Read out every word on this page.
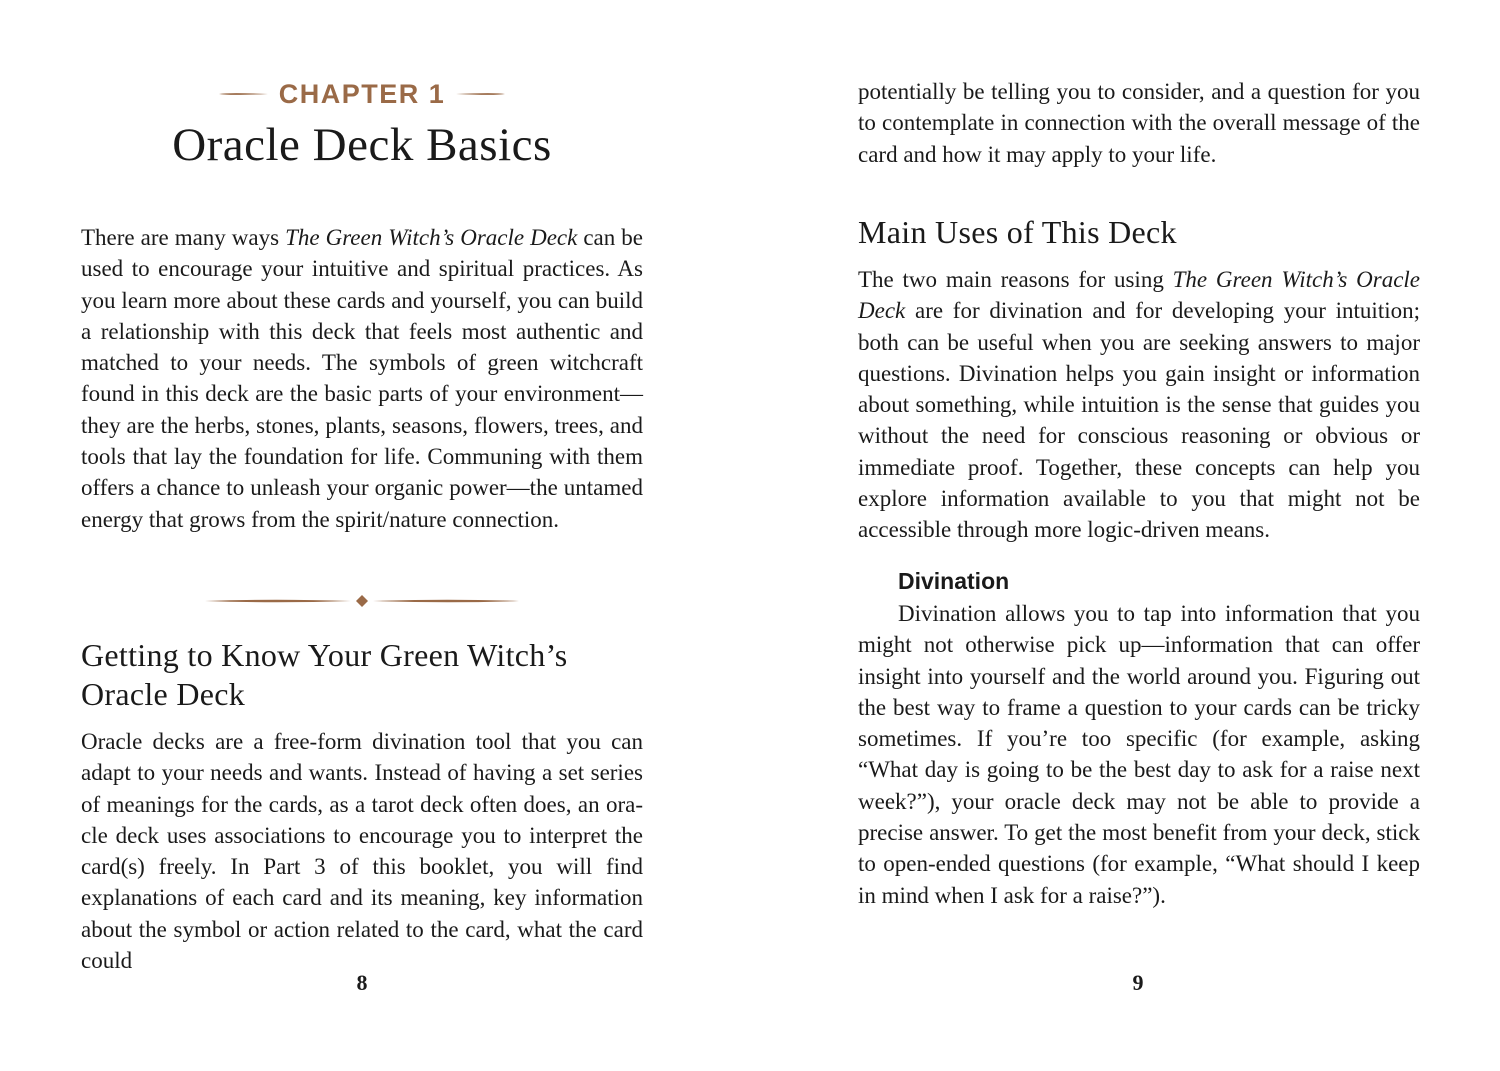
CHAPTER 1
Oracle Deck Basics

There are many ways The Green Witch’s Oracle Deck can be used to encourage your intuitive and spiritual practices. As you learn more about these cards and yourself, you can build a relationship with this deck that feels most authentic and matched to your needs. The symbols of green witchcraft found in this deck are the basic parts of your environment—they are the herbs, stones, plants, seasons, flowers, trees, and tools that lay the foundation for life. Communing with them offers a chance to unleash your organic power—the untamed energy that grows from the spirit/nature connection.

Getting to Know Your Green Witch’s Oracle Deck

Oracle decks are a free-form divination tool that you can adapt to your needs and wants. Instead of having a set series of meanings for the cards, as a tarot deck often does, an oracle deck uses associations to encourage you to interpret the card(s) freely. In Part 3 of this booklet, you will find explanations of each card and its meaning, key information about the symbol or action related to the card, what the card could

8

potentially be telling you to consider, and a question for you to contemplate in connection with the overall message of the card and how it may apply to your life.

Main Uses of This Deck

The two main reasons for using The Green Witch’s Oracle Deck are for divination and for developing your intuition; both can be useful when you are seeking answers to major questions. Divination helps you gain insight or information about something, while intuition is the sense that guides you without the need for conscious reasoning or obvious or immediate proof. Together, these concepts can help you explore information available to you that might not be accessible through more logic-driven means.

Divination

Divination allows you to tap into information that you might not otherwise pick up—information that can offer insight into yourself and the world around you. Figuring out the best way to frame a question to your cards can be tricky sometimes. If you’re too specific (for example, asking “What day is going to be the best day to ask for a raise next week?”), your oracle deck may not be able to provide a precise answer. To get the most benefit from your deck, stick to open-ended questions (for example, “What should I keep in mind when I ask for a raise?”).

9
